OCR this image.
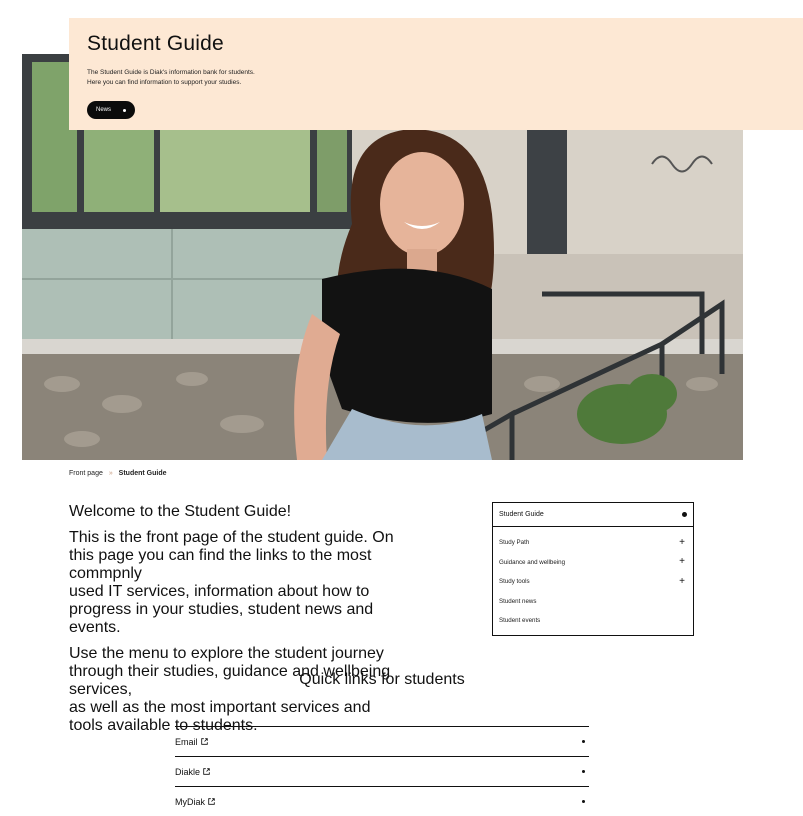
Student Guide
The Student Guide is Diak's information bank for students.
Here you can find information to support your studies.
News
Front page » Student Guide
Welcome to the Student Guide!

This is the front page of the student guide. On this page you can find the links to the most commpnly
used IT services, information about how to progress in your studies, student news and events.

Use the menu to explore the student journey through their studies, guidance and wellbeing services,
as well as the most important services and tools available to students.

Student Guide
Study Path	+
Guidance and wellbeing	+
Study tools	+
Student news
Student events
Quick links for students
Email
Diakle
MyDiak
